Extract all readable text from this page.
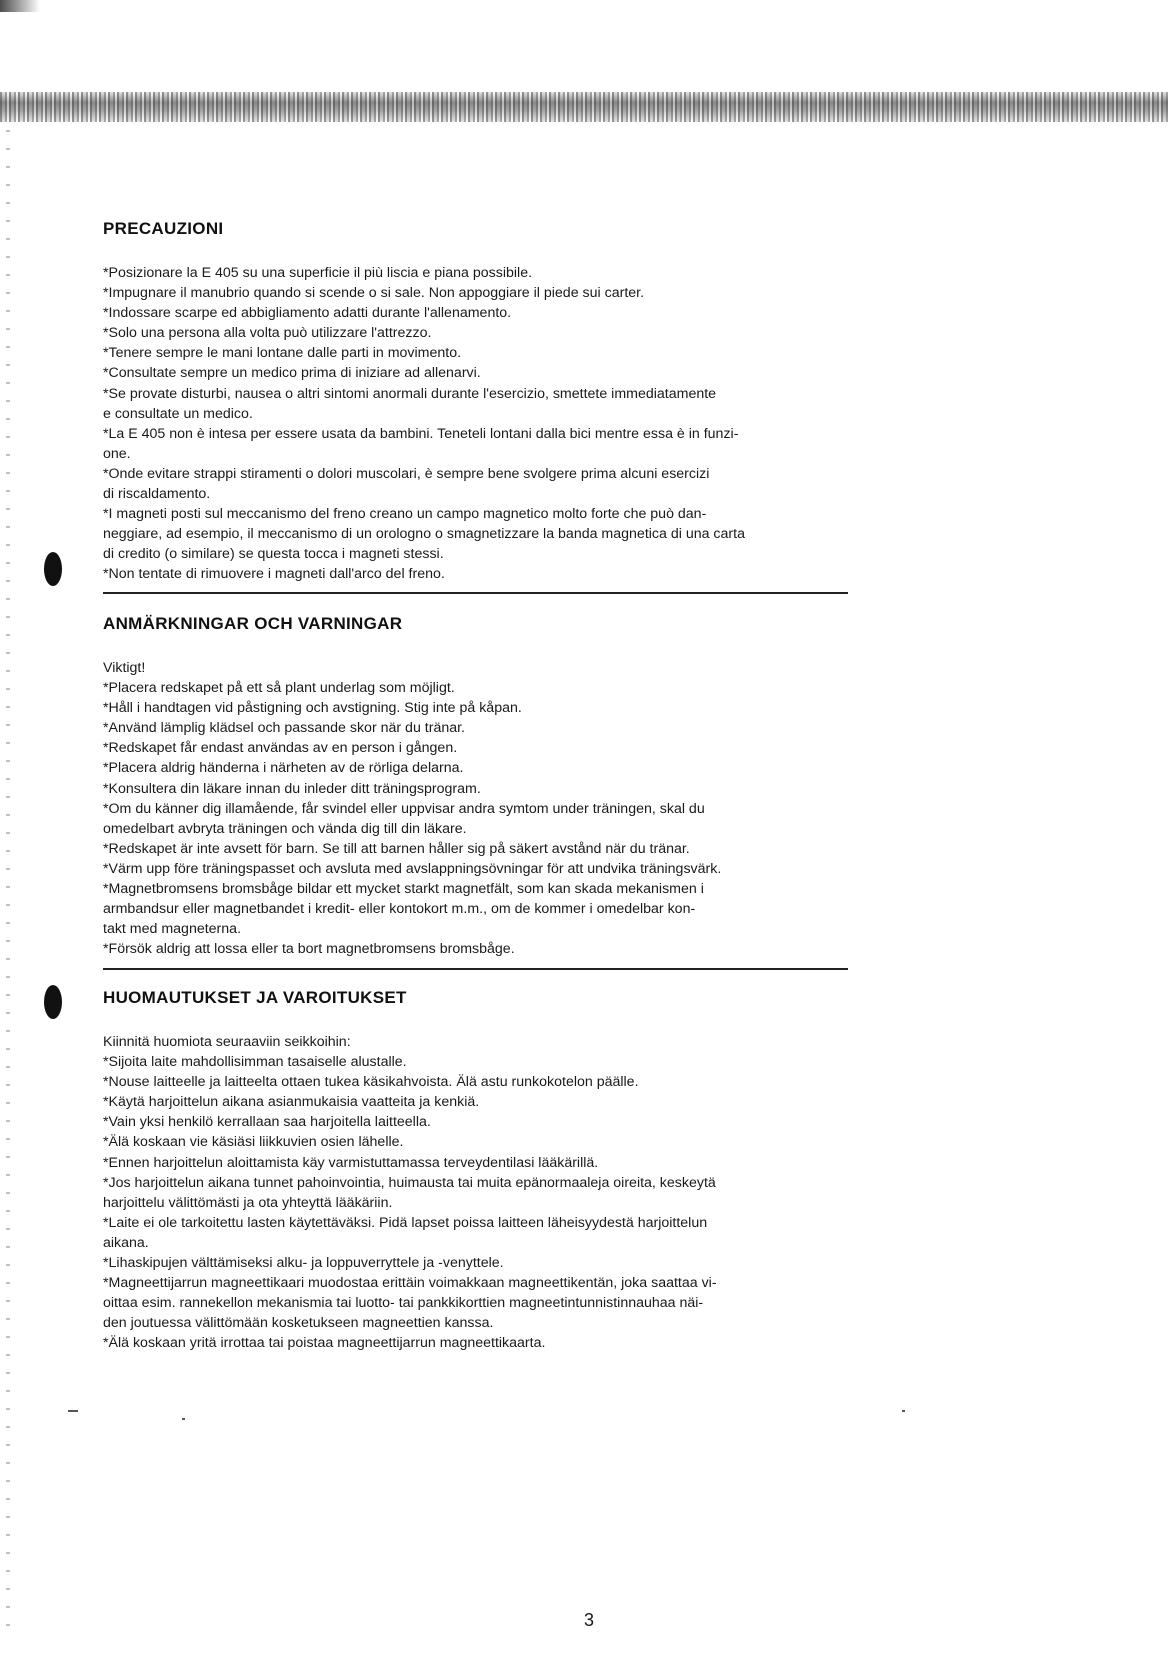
PRECAUZIONI

*Posizionare la E 405 su una superficie il più liscia e piana possibile.

*Impugnare il manubrio quando si scende o si sale. Non appoggiare il piede sui carter.

*Indossare scarpe ed abbigliamento adatti durante l'allenamento.

*Solo una persona alla volta può utilizzare l'attrezzo.

*Tenere sempre le mani lontane dalle parti in movimento.

*Consultate sempre un medico prima di iniziare ad allenarvi.

*Se provate disturbi, nausea o altri sintomi anormali durante l'esercizio, smettete immediatamente

e consultate un medico.

*La E 405 non è intesa per essere usata da bambini. Teneteli lontani dalla bici mentre essa è in funzi-

one.

*Onde evitare strappi stiramenti o dolori muscolari, è sempre bene svolgere prima alcuni esercizi

di riscaldamento.

*I magneti posti sul meccanismo del freno creano un campo magnetico molto forte che può dan-

neggiare, ad esempio, il meccanismo di un orologno o smagnetizzare la banda magnetica di una carta

di credito (o similare) se questa tocca i magneti stessi.

*Non tentate di rimuovere i magneti dall'arco del freno.

ANMÄRKNINGAR OCH VARNINGAR

Viktigt!

*Placera redskapet på ett så plant underlag som möjligt.

*Håll i handtagen vid påstigning och avstigning. Stig inte på kåpan.

*Använd lämplig klädsel och passande skor när du tränar.

*Redskapet får endast användas av en person i gången.

*Placera aldrig händerna i närheten av de rörliga delarna.

*Konsultera din läkare innan du inleder ditt träningsprogram.

*Om du känner dig illamående, får svindel eller uppvisar andra symtom under träningen, skal du

omedelbart avbryta träningen och vända dig till din läkare.

*Redskapet är inte avsett för barn. Se till att barnen håller sig på säkert avstånd när du tränar.

*Värm upp före träningspasset och avsluta med avslappningsövningar för att undvika träningsvärk.

*Magnetbromsens bromsbåge bildar ett mycket starkt magnetfält, som kan skada mekanismen i

armbandsur eller magnetbandet i kredit- eller kontokort m.m., om de kommer i omedelbar kon-

takt med magneterna.

*Försök aldrig att lossa eller ta bort magnetbromsens bromsbåge.

HUOMAUTUKSET JA VAROITUKSET

Kiinnitä huomiota seuraaviin seikkoihin:

*Sijoita laite mahdollisimman tasaiselle alustalle.

*Nouse laitteelle ja laitteelta ottaen tukea käsikahvoista. Älä astu runkokotelon päälle.

*Käytä harjoittelun aikana asianmukaisia vaatteita ja kenkiä.

*Vain yksi henkilö kerrallaan saa harjoitella laitteella.

*Älä koskaan vie käsiäsi liikkuvien osien lähelle.

*Ennen harjoittelun aloittamista käy varmistuttamassa terveydentilasi lääkärillä.

*Jos harjoittelun aikana tunnet pahoinvointia, huimausta tai muita epänormaaleja oireita, keskeytä

harjoittelu välittömästi ja ota yhteyttä lääkäriin.

*Laite ei ole tarkoitettu lasten käytettäväksi. Pidä lapset poissa laitteen läheisyydestä harjoittelun

aikana.

*Lihaskipujen välttämiseksi alku- ja loppuverryttele ja -venyttele.

*Magneettijarrun magneettikaari muodostaa erittäin voimakkaan magneettikentän, joka saattaa vi-

oittaa esim. rannekellon mekanismia tai luotto- tai pankkikorttien magneetintunnistinnauhaa näi-

den joutuessa välittömään kosketukseen magneettien kanssa.

*Älä koskaan yritä irrottaa tai poistaa magneettijarrun magneettikaarta.

3
